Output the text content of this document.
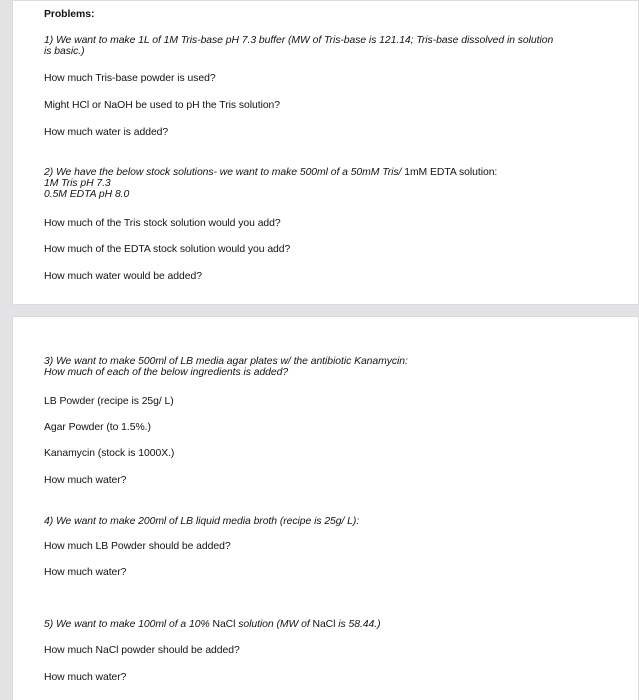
Problems:
1) We want to make 1L of 1M Tris-base pH 7.3 buffer (MW of Tris-base is 121.14; Tris-base dissolved in solution
is basic.)
How much Tris-base powder is used?
Might HCl or NaOH be used to pH the Tris solution?
How much water is added?
2) We have the below stock solutions- we want to make 500ml of a 50mM Tris/ 1mM EDTA solution:
1M Tris pH 7.3
0.5M EDTA pH 8.0
How much of the Tris stock solution would you add?
How much of the EDTA stock solution would you add?
How much water would be added?
3) We want to make 500ml of LB media agar plates w/ the antibiotic Kanamycin:
How much of each of the below ingredients is added?
LB Powder (recipe is 25g/ L)
Agar Powder (to 1.5%.)
Kanamycin (stock is 1000X.)
How much water?
4) We want to make 200ml of LB liquid media broth (recipe is 25g/ L):
How much LB Powder should be added?
How much water?
5) We want to make 100ml of a 10% NaCl solution (MW of NaCl is 58.44.)
How much NaCl powder should be added?
How much water?
